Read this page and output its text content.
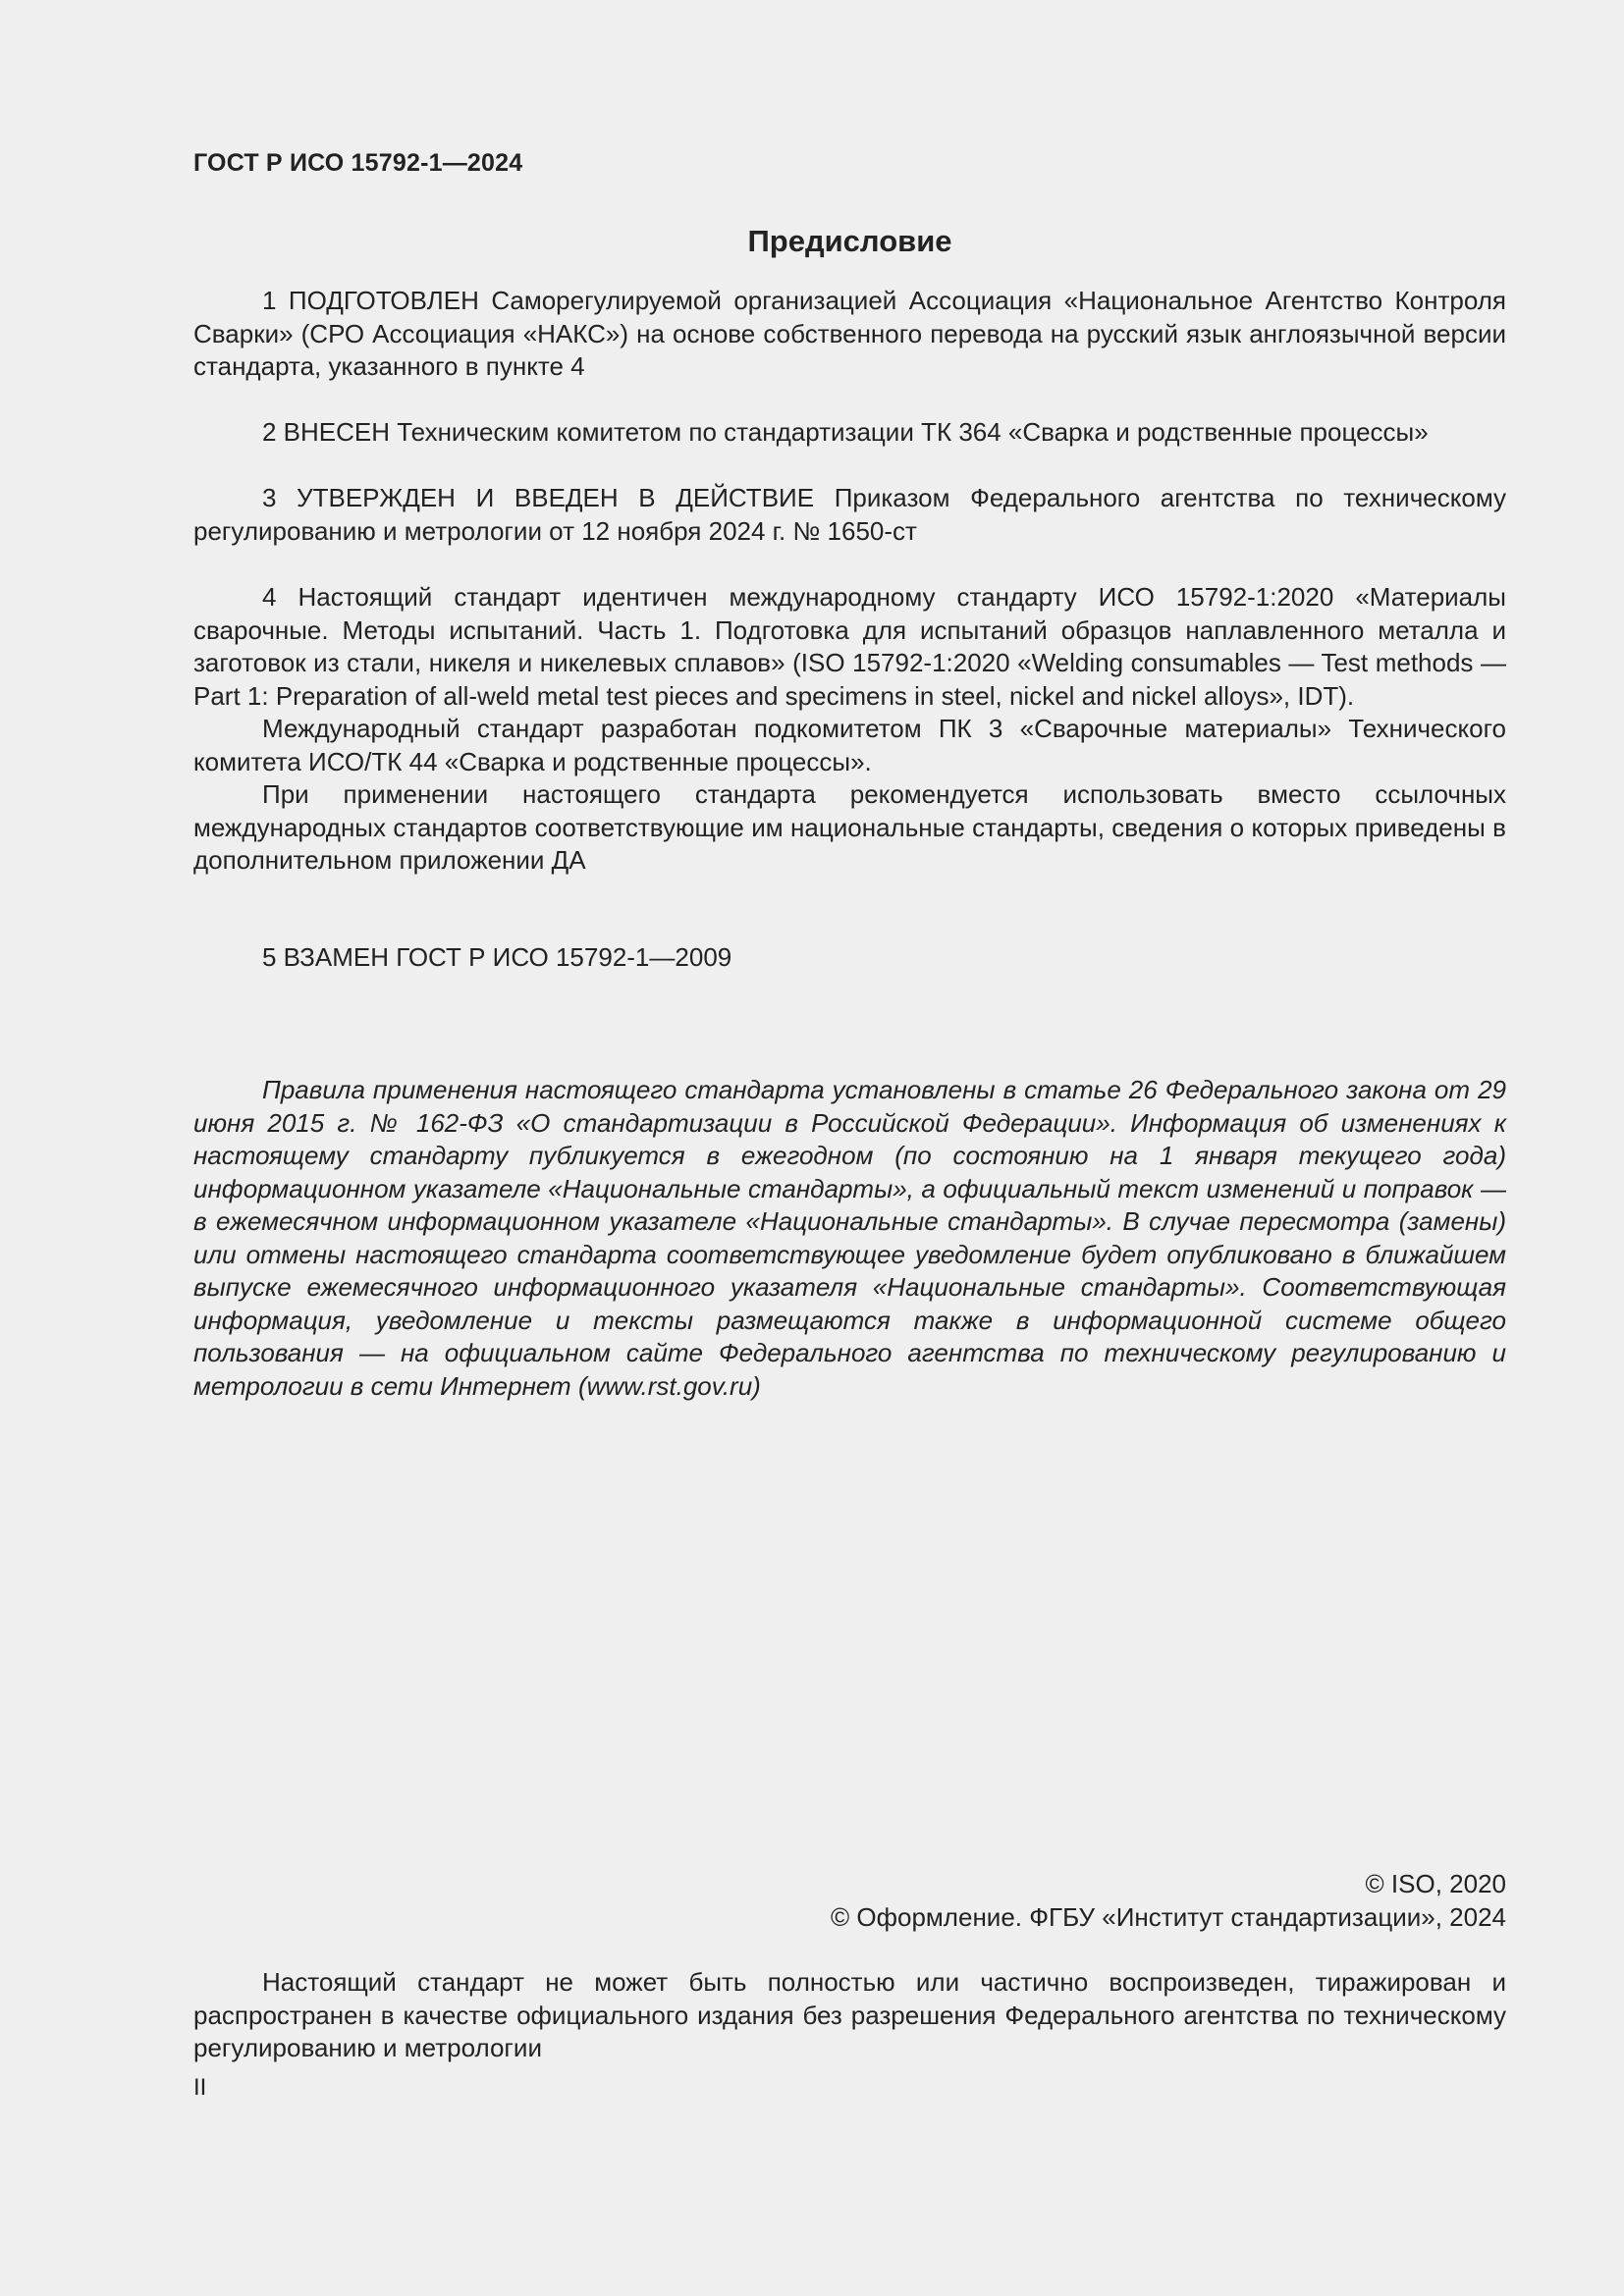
ГОСТ Р ИСО 15792-1—2024
Предисловие

1 ПОДГОТОВЛЕН Саморегулируемой организацией Ассоциация «Национальное Агентство Контроля Сварки» (СРО Ассоциация «НАКС») на основе собственного перевода на русский язык англоязычной версии стандарта, указанного в пункте 4

2 ВНЕСЕН Техническим комитетом по стандартизации ТК 364 «Сварка и родственные процессы»

3 УТВЕРЖДЕН И ВВЕДЕН В ДЕЙСТВИЕ Приказом Федерального агентства по техническому регулированию и метрологии от 12 ноября 2024 г. № 1650-ст

4 Настоящий стандарт идентичен международному стандарту ИСО 15792-1:2020 «Материалы сварочные. Методы испытаний. Часть 1. Подготовка для испытаний образцов наплавленного металла и заготовок из стали, никеля и никелевых сплавов» (ISO 15792-1:2020 «Welding consumables — Test methods — Part 1: Preparation of all-weld metal test pieces and specimens in steel, nickel and nickel alloys», IDT).

Международный стандарт разработан подкомитетом ПК 3 «Сварочные материалы» Технического комитета ИСО/ТК 44 «Сварка и родственные процессы».

При применении настоящего стандарта рекомендуется использовать вместо ссылочных международных стандартов соответствующие им национальные стандарты, сведения о которых приведены в дополнительном приложении ДА

5 ВЗАМЕН ГОСТ Р ИСО 15792-1—2009

Правила применения настоящего стандарта установлены в статье 26 Федерального закона от 29 июня 2015 г. № 162-ФЗ «О стандартизации в Российской Федерации». Информация об изменениях к настоящему стандарту публикуется в ежегодном (по состоянию на 1 января текущего года) информационном указателе «Национальные стандарты», а официальный текст изменений и поправок — в ежемесячном информационном указателе «Национальные стандарты». В случае пересмотра (замены) или отмены настоящего стандарта соответствующее уведомление будет опубликовано в ближайшем выпуске ежемесячного информационного указателя «Национальные стандарты». Соответствующая информация, уведомление и тексты размещаются также в информационной системе общего пользования — на официальном сайте Федерального агентства по техническому регулированию и метрологии в сети Интернет (www.rst.gov.ru)

© ISO, 2020
© Оформление. ФГБУ «Институт стандартизации», 2024

Настоящий стандарт не может быть полностью или частично воспроизведен, тиражирован и распространен в качестве официального издания без разрешения Федерального агентства по техническому регулированию и метрологии

II
